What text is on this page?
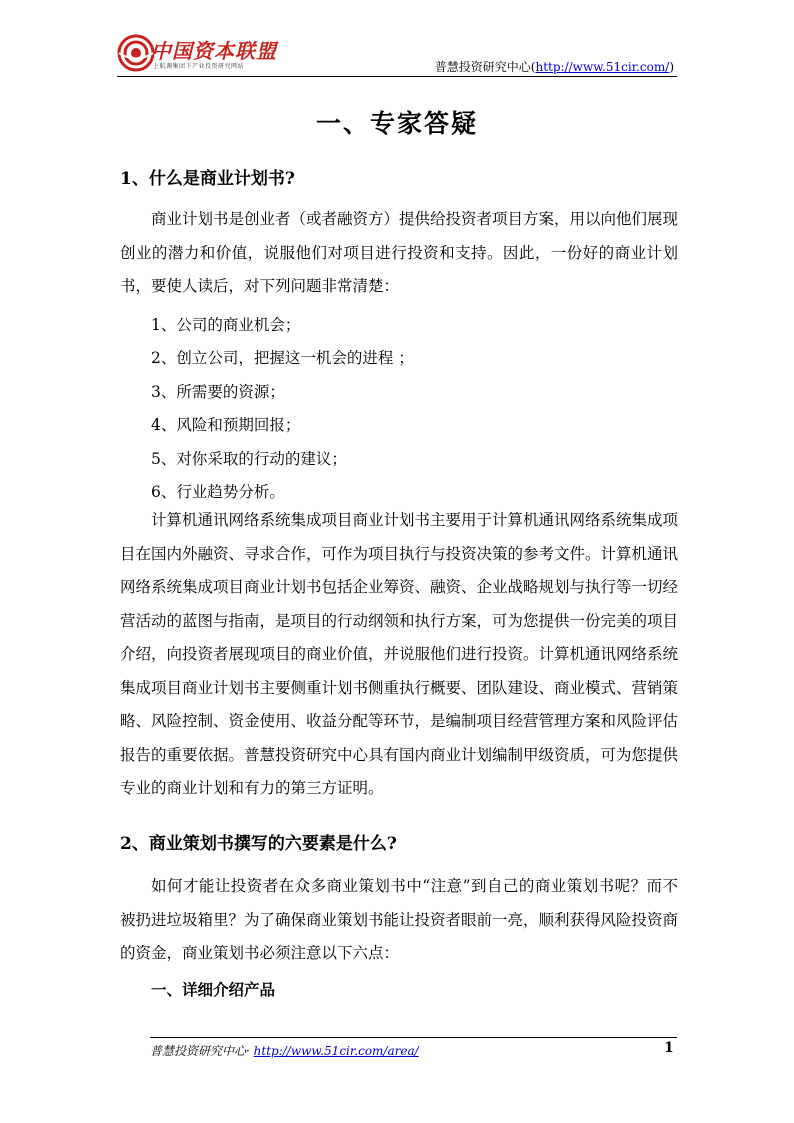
中国资本联盟
上航调集团下产业投资研究网站	普慧投资研究中心(http://www.51cir.com/)
一、专家答疑
1、什么是商业计划书?

商业计划书是创业者（或者融资方）提供给投资者项目方案，用以向他们展现创业的潜力和价值，说服他们对项目进行投资和支持。因此，一份好的商业计划书，要使人读后，对下列问题非常清楚：

1、公司的商业机会；
2、创立公司，把握这一机会的进程 ；
3、所需要的资源；
4、风险和预期回报；
5、对你采取的行动的建议；
6、行业趋势分析。

计算机通讯网络系统集成项目商业计划书主要用于计算机通讯网络系统集成项目在国内外融资、寻求合作，可作为项目执行与投资决策的参考文件。计算机通讯网络系统集成项目商业计划书包括企业筹资、融资、企业战略规划与执行等一切经营活动的蓝图与指南，是项目的行动纲领和执行方案，可为您提供一份完美的项目介绍，向投资者展现项目的商业价值，并说服他们进行投资。计算机通讯网络系统集成项目商业计划书主要侧重计划书侧重执行概要、团队建设、商业模式、营销策略、风险控制、资金使用、收益分配等环节，是编制项目经营管理方案和风险评估报告的重要依据。普慧投资研究中心具有国内商业计划编制甲级资质，可为您提供专业的商业计划和有力的第三方证明。

2、商业策划书撰写的六要素是什么?

如何才能让投资者在众多商业策划书中“注意”到自己的商业策划书呢？而不被扔进垃圾箱里？为了确保商业策划书能让投资者眼前一亮，顺利获得风险投资商的资金，商业策划书必须注意以下六点：

一、详细介绍产品
普慧投资研究中心· http://www.51cir.com/area/	1
